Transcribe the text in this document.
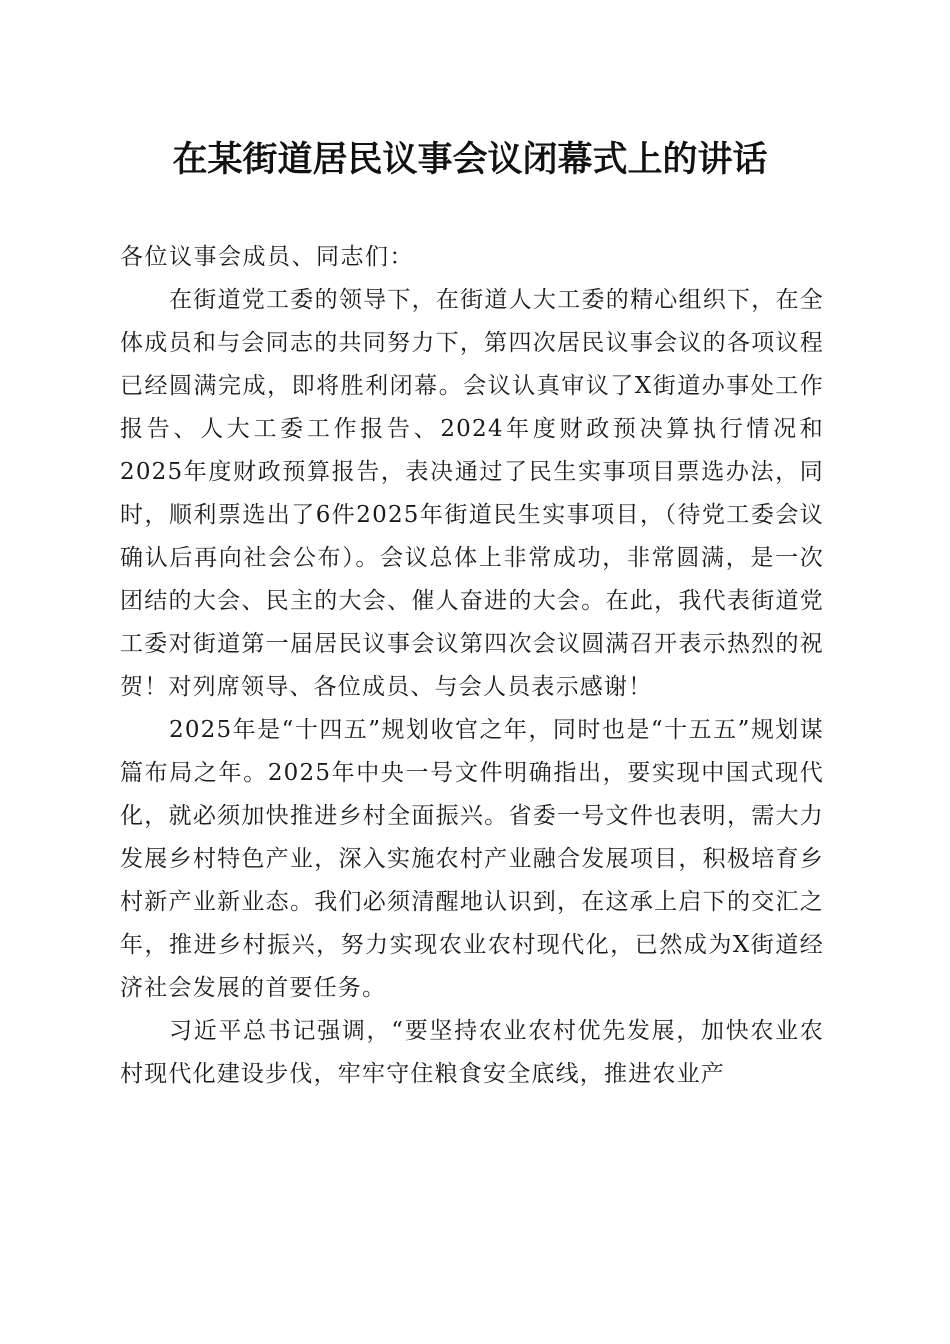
在某街道居民议事会议闭幕式上的讲话

各位议事会成员、同志们：

在街道党工委的领导下，在街道人大工委的精心组织下，在全体成员和与会同志的共同努力下，第四次居民议事会议的各项议程已经圆满完成，即将胜利闭幕。会议认真审议了X街道办事处工作报告、人大工委工作报告、2024年度财政预决算执行情况和2025年度财政预算报告，表决通过了民生实事项目票选办法，同时，顺利票选出了6件2025年街道民生实事项目，（待党工委会议确认后再向社会公布）。会议总体上非常成功，非常圆满，是一次团结的大会、民主的大会、催人奋进的大会。在此，我代表街道党工委对街道第一届居民议事会议第四次会议圆满召开表示热烈的祝贺！对列席领导、各位成员、与会人员表示感谢！

2025年是“十四五”规划收官之年，同时也是“十五五”规划谋篇布局之年。2025年中央一号文件明确指出，要实现中国式现代化，就必须加快推进乡村全面振兴。省委一号文件也表明，需大力发展乡村特色产业，深入实施农村产业融合发展项目，积极培育乡村新产业新业态。我们必须清醒地认识到，在这承上启下的交汇之年，推进乡村振兴，努力实现农业农村现代化，已然成为X街道经济社会发展的首要任务。

习近平总书记强调，“要坚持农业农村优先发展，加快农业农村现代化建设步伐，牢牢守住粮食安全底线，推进农业产
